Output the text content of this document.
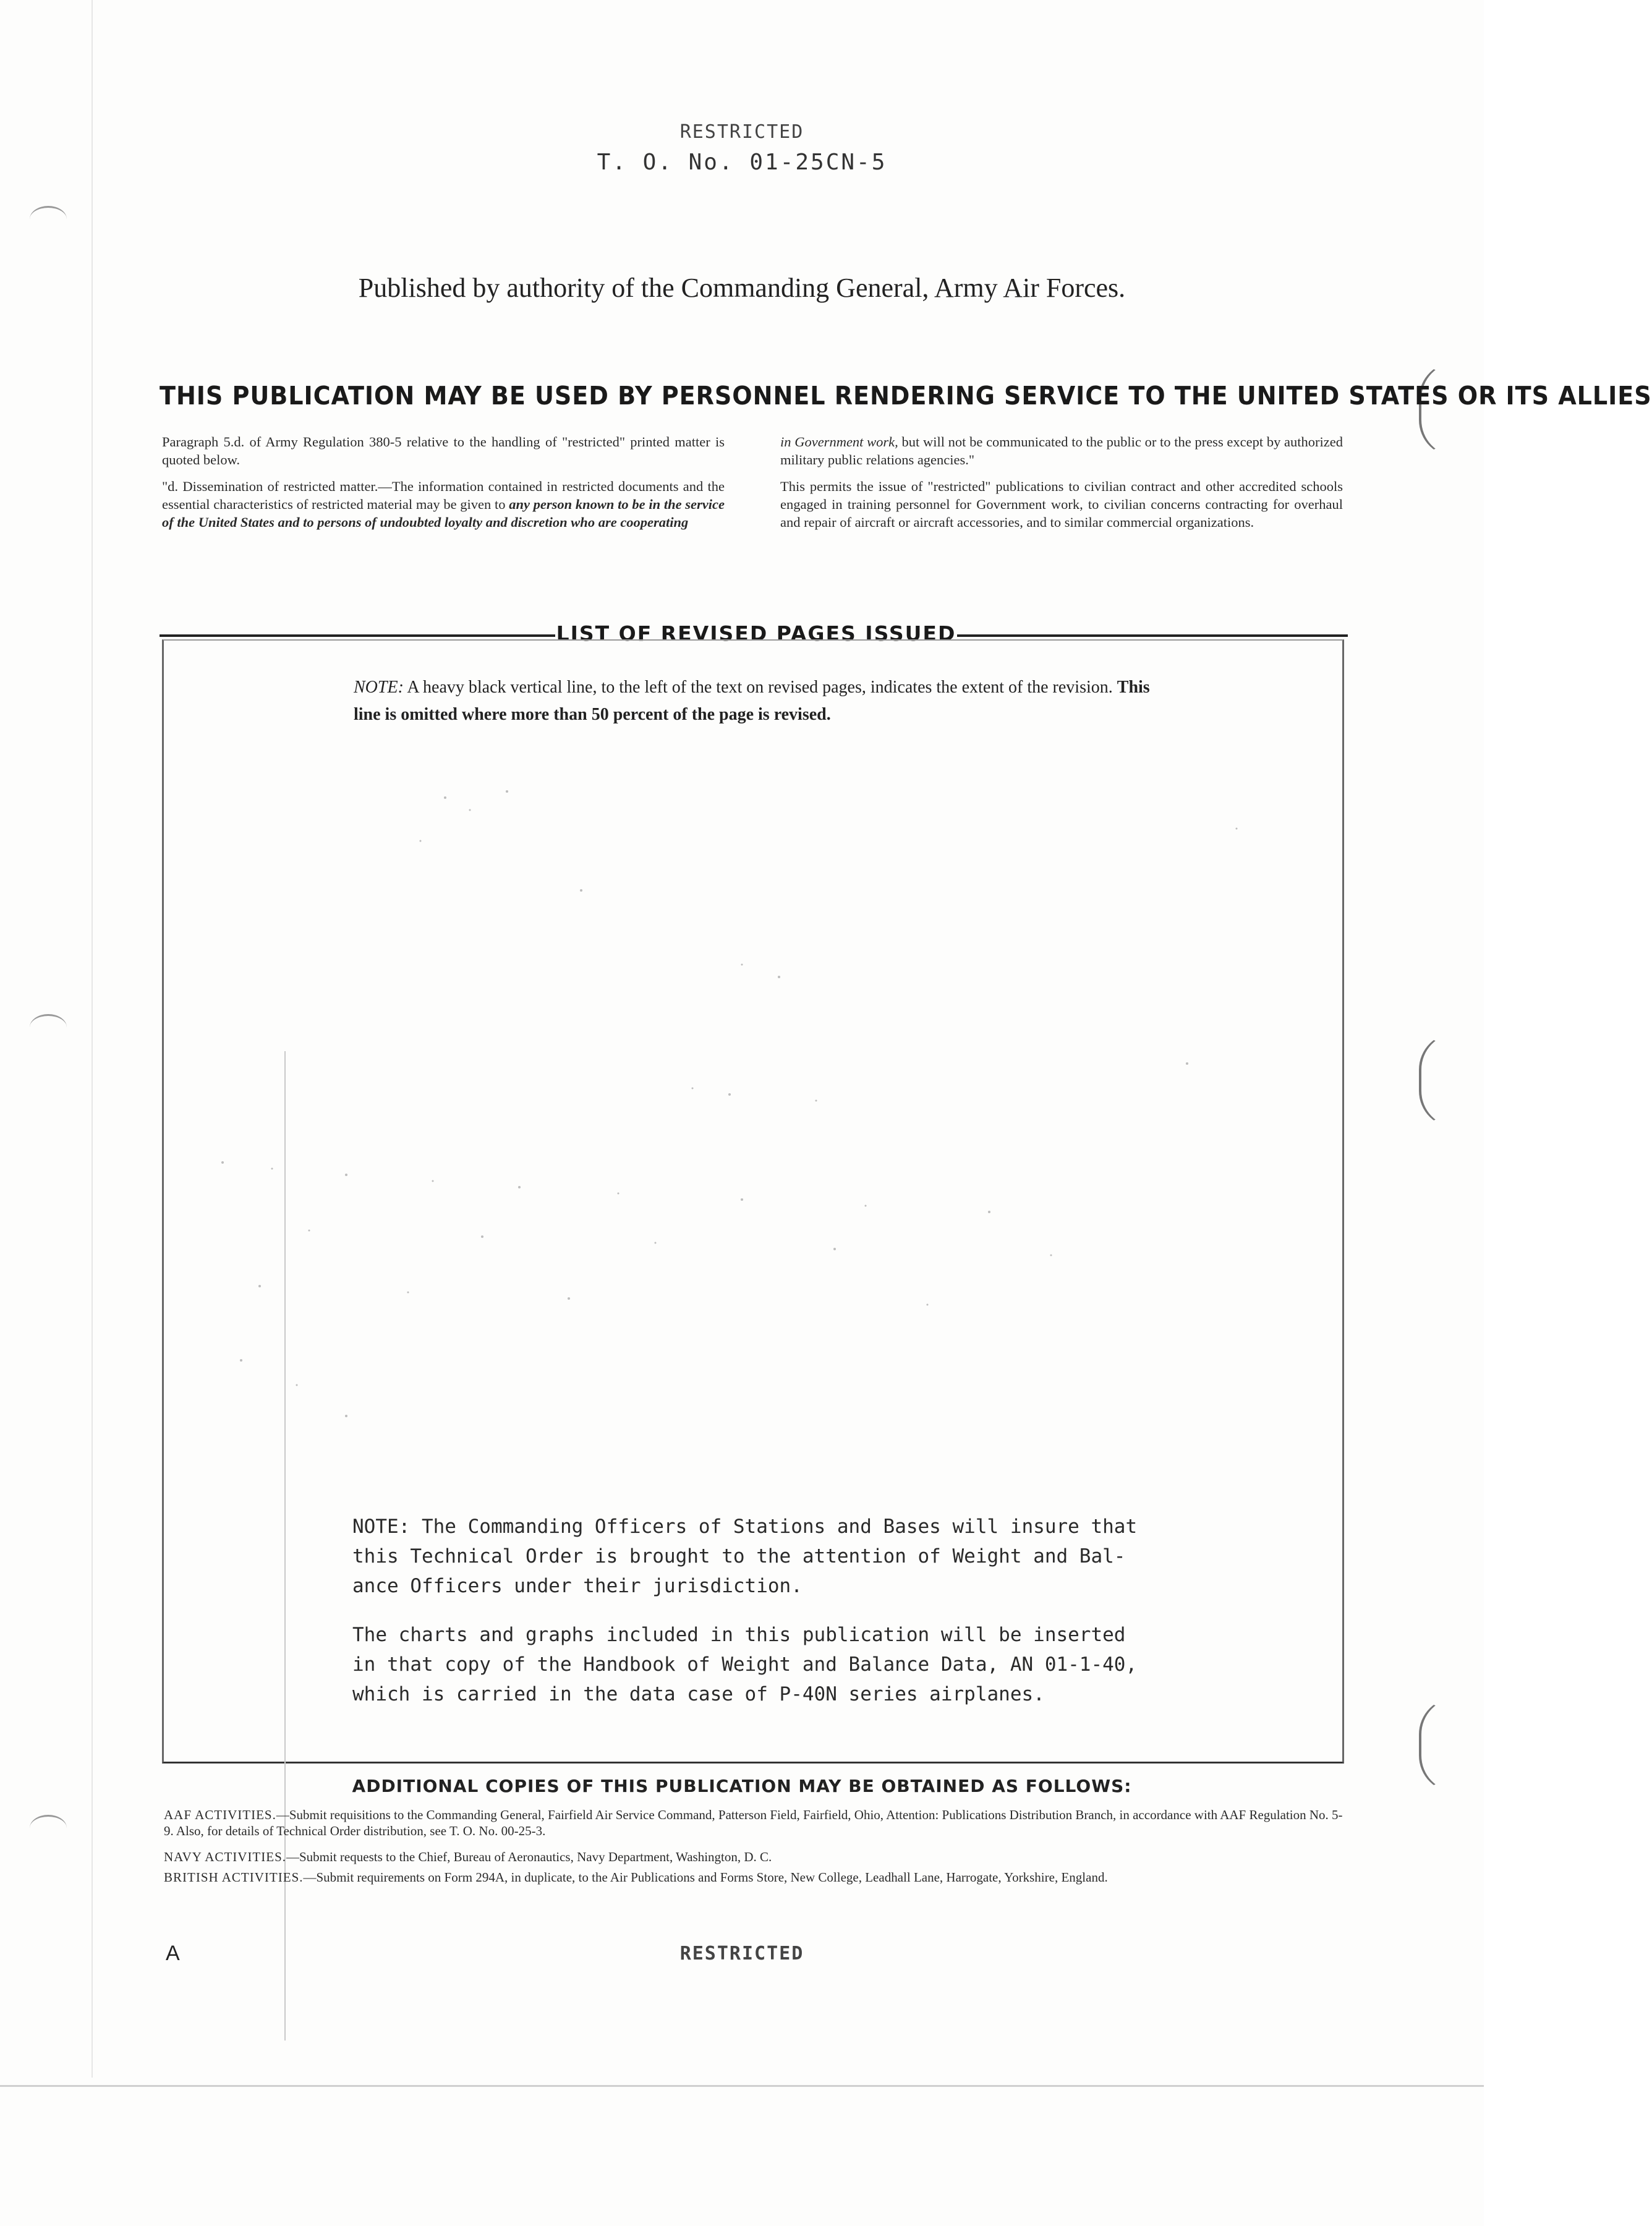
RESTRICTED
T. O. No. 01-25CN-5
Published by authority of the Commanding General, Army Air Forces.
THIS PUBLICATION MAY BE USED BY PERSONNEL RENDERING SERVICE TO THE UNITED STATES OR ITS ALLIES

Paragraph 5.d. of Army Regulation 380-5 relative to the handling of "restricted" printed matter is quoted below.

"d. Dissemination of restricted matter.—The information contained in restricted documents and the essential characteristics of restricted material may be given to any person known to be in the service of the United States and to persons of undoubted loyalty and discretion who are cooperating

in Government work, but will not be communicated to the public or to the press except by authorized military public relations agencies."

This permits the issue of "restricted" publications to civilian contract and other accredited schools engaged in training personnel for Government work, to civilian concerns contracting for overhaul and repair of aircraft or aircraft accessories, and to similar commercial organizations.

LIST OF REVISED PAGES ISSUED
NOTE: A heavy black vertical line, to the left of the text on revised pages, indicates the extent of the revision. This line is omitted where more than 50 percent of the page is revised.
NOTE: The Commanding Officers of Stations and Bases will insure that
this Technical Order is brought to the attention of Weight and Bal-
ance Officers under their jurisdiction.
The charts and graphs included in this publication will be inserted
in that copy of the Handbook of Weight and Balance Data, AN 01-1-40,
which is carried in the data case of P-40N series airplanes.
ADDITIONAL COPIES OF THIS PUBLICATION MAY BE OBTAINED AS FOLLOWS:
AAF ACTIVITIES.—Submit requisitions to the Commanding General, Fairfield Air Service Command, Patterson Field, Fairfield, Ohio, Attention: Publications Distribution Branch, in accordance with AAF Regulation No. 5-9. Also, for details of Technical Order distribution, see T. O. No. 00-25-3.
NAVY ACTIVITIES.—Submit requests to the Chief, Bureau of Aeronautics, Navy Department, Washington, D. C.
BRITISH ACTIVITIES.—Submit requirements on Form 294A, in duplicate, to the Air Publications and Forms Store, New College, Leadhall Lane, Harrogate, Yorkshire, England.
A	RESTRICTED
